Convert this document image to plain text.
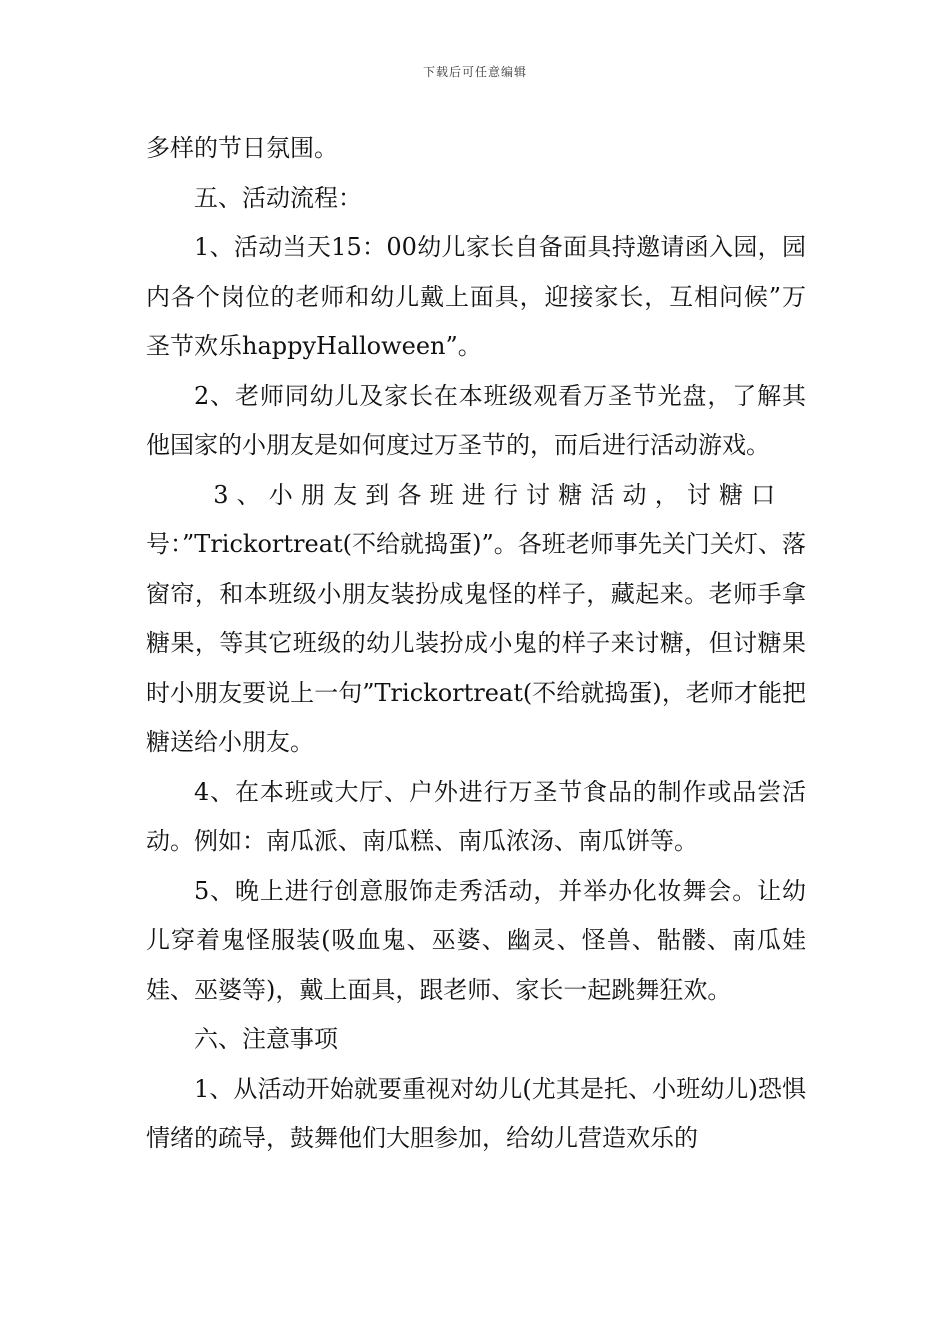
下载后可任意编辑

多样的节日氛围。

五、活动流程：

1、活动当天15：00幼儿家长自备面具持邀请函入园，园内各个岗位的老师和幼儿戴上面具，迎接家长，互相问候”万圣节欢乐happyHalloween”。

2、老师同幼儿及家长在本班级观看万圣节光盘，了解其他国家的小朋友是如何度过万圣节的，而后进行活动游戏。

3、小朋友到各班进行讨糖活动，讨糖口
号：”Trickortreat(不给就捣蛋)”。各班老师事先关门关灯、落窗帘，和本班级小朋友装扮成鬼怪的样子，藏起来。老师手拿糖果，等其它班级的幼儿装扮成小鬼的样子来讨糖，但讨糖果时小朋友要说上一句”Trickortreat(不给就捣蛋)，老师才能把糖送给小朋友。

4、在本班或大厅、户外进行万圣节食品的制作或品尝活动。例如：南瓜派、南瓜糕、南瓜浓汤、南瓜饼等。

5、晚上进行创意服饰走秀活动，并举办化妆舞会。让幼儿穿着鬼怪服装(吸血鬼、巫婆、幽灵、怪兽、骷髅、南瓜娃娃、巫婆等)，戴上面具，跟老师、家长一起跳舞狂欢。

六、注意事项

1、从活动开始就要重视对幼儿(尤其是托、小班幼儿)恐惧情绪的疏导，鼓舞他们大胆参加，给幼儿营造欢乐的
